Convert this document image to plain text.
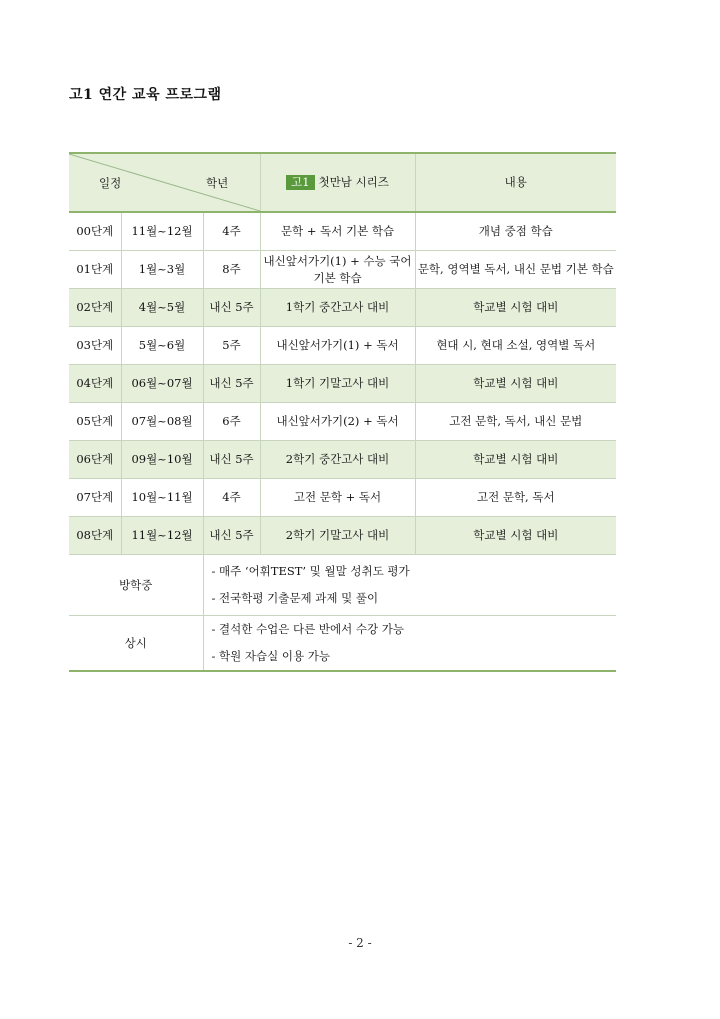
고1 연간 교육 프로그램
일정 학년			고1 첫만남 시리즈	내용
00단계	11월~12월	4주	문학 + 독서 기본 학습	개념 중점 학습
01단계	1월~3월	8주	내신앞서가기(1) + 수능 국어 기본 학습	문학, 영역별 독서, 내신 문법 기본 학습
02단계	4월~5월	내신 5주	1학기 중간고사 대비	학교별 시험 대비
03단계	5월~6월	5주	내신앞서가기(1) + 독서	현대 시, 현대 소설, 영역별 독서
04단계	06월~07월	내신 5주	1학기 기말고사 대비	학교별 시험 대비
05단계	07월~08월	6주	내신앞서가기(2) + 독서	고전 문학, 독서, 내신 문법
06단계	09월~10월	내신 5주	2학기 중간고사 대비	학교별 시험 대비
07단계	10월~11월	4주	고전 문학 + 독서	고전 문학, 독서
08단계	11월~12월	내신 5주	2학기 기말고사 대비	학교별 시험 대비
방학중		- 매주 ‘어휘TEST’ 및 월말 성취도 평가
- 전국학평 기출문제 과제 및 풀이		

상시		- 결석한 수업은 다른 반에서 수강 가능
- 학원 자습실 이용 가능		
- 2 -
